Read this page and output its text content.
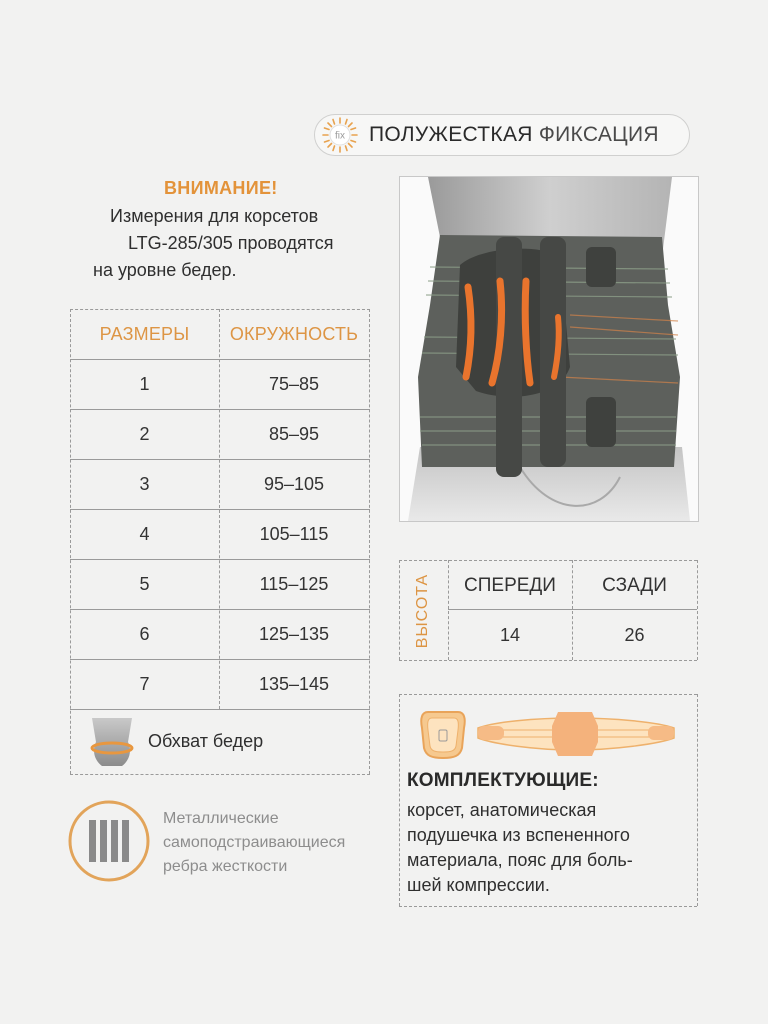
fix ПОЛУЖЕСТКАЯ ФИКСАЦИЯ
ВНИМАНИЕ!
Измерения для корсетов
LTG-285/305 проводятся
на уровне бедер.
РАЗМЕРЫ	ОКРУЖНОСТЬ
1	75–85
2	85–95
3	95–105
4	105–115
5	115–125
6	125–135
7	135–145
Обхват бедер
ВЫСОТА	СПЕРЕДИ	СЗАДИ
14	26
КОМПЛЕКТУЮЩИЕ:
корсет, анатомическая
подушечка из вспененного
материала, пояс для боль-
шей компрессии.
Металлические
самоподстраивающиеся
ребра жесткости
